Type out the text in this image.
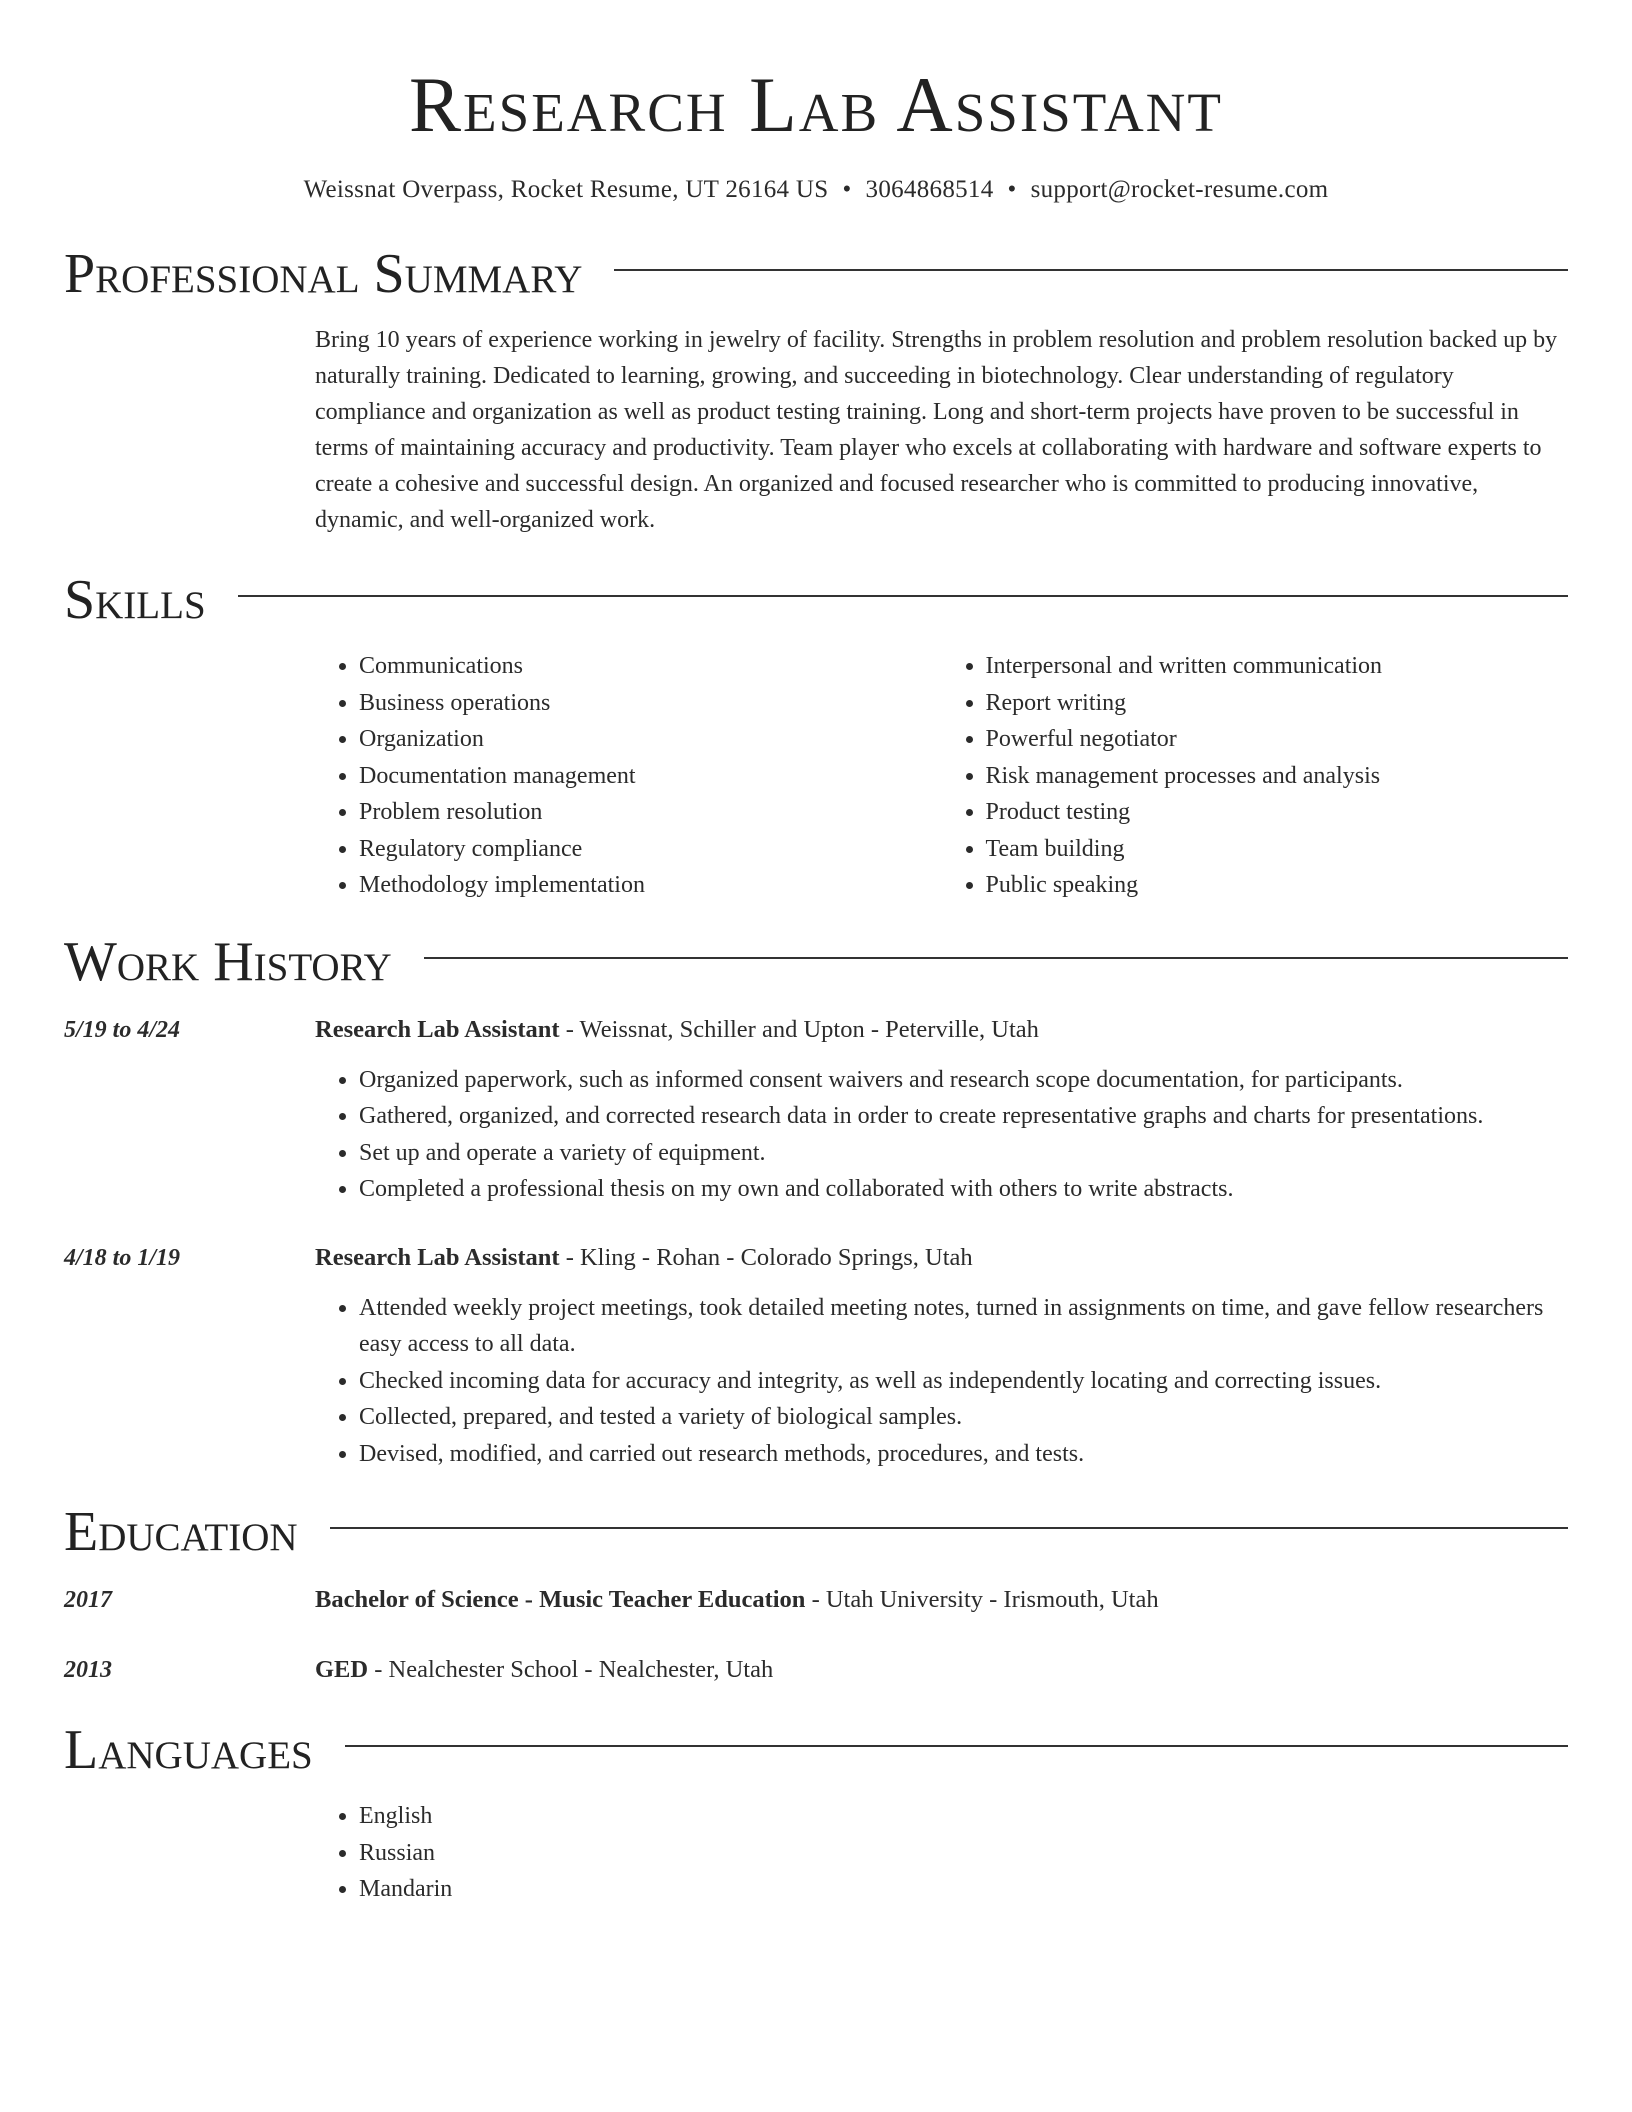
Research Lab Assistant
Weissnat Overpass, Rocket Resume, UT 26164 US • 3064868514 • support@rocket-resume.com
Professional Summary

Bring 10 years of experience working in jewelry of facility. Strengths in problem resolution and problem resolution backed up by naturally training. Dedicated to learning, growing, and succeeding in biotechnology. Clear understanding of regulatory compliance and organization as well as product testing training. Long and short-term projects have proven to be successful in terms of maintaining accuracy and productivity. Team player who excels at collaborating with hardware and software experts to create a cohesive and successful design. An organized and focused researcher who is committed to producing innovative, dynamic, and well-organized work.

Skills
• Communications
• Business operations
• Organization
• Documentation management
• Problem resolution
• Regulatory compliance
• Methodology implementation
• Interpersonal and written communication
• Report writing
• Powerful negotiator
• Risk management processes and analysis
• Product testing
• Team building
• Public speaking
Work History
5/19 to 4/24	Research Lab Assistant - Weissnat, Schiller and Upton - Peterville, Utah
• Organized paperwork, such as informed consent waivers and research scope documentation, for participants.
• Gathered, organized, and corrected research data in order to create representative graphs and charts for presentations.
• Set up and operate a variety of equipment.
• Completed a professional thesis on my own and collaborated with others to write abstracts.
4/18 to 1/19	Research Lab Assistant - Kling - Rohan - Colorado Springs, Utah
• Attended weekly project meetings, took detailed meeting notes, turned in assignments on time, and gave fellow researchers easy access to all data.
• Checked incoming data for accuracy and integrity, as well as independently locating and correcting issues.
• Collected, prepared, and tested a variety of biological samples.
• Devised, modified, and carried out research methods, procedures, and tests.
Education
2017	Bachelor of Science - Music Teacher Education - Utah University - Irismouth, Utah
2013	GED - Nealchester School - Nealchester, Utah
Languages
• English
• Russian
• Mandarin
